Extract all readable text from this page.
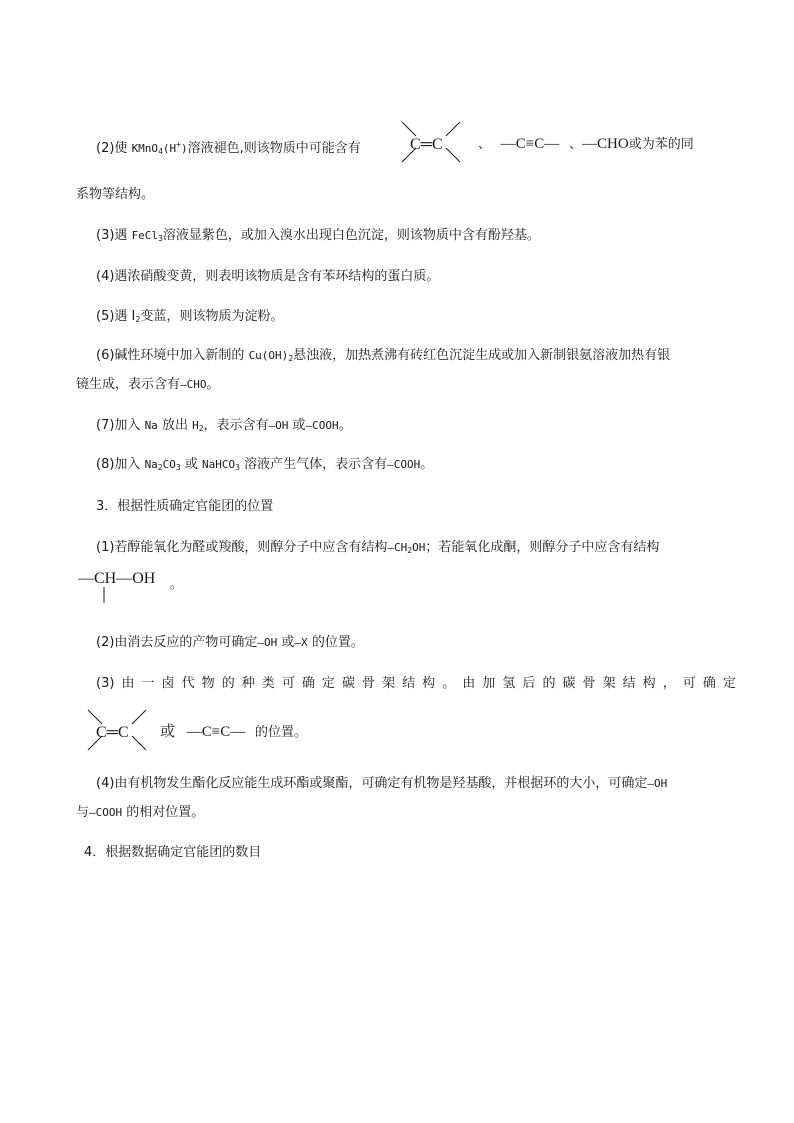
(2)使 KMnO$_4$(H+)溶液褪色,则该物质中可能含有	C═C	、 —C≡C— 、—CHO或为苯的同
系物等结构。
(3)遇 FeCl$_3$溶液显紫色，或加入溴水出现白色沉淀，则该物质中含有酚羟基。
(4)遇浓硝酸变黄，则表明该物质是含有苯环结构的蛋白质。
(5)遇 $I_2$变蓝，则该物质为淀粉。
(6)碱性环境中加入新制的 $Cu(OH)_2$悬浊液，加热煮沸有砖红色沉淀生成或加入新制银氨溶液加热有银
镜生成，表示含有—CHO。
(7)加入 Na 放出 $H_2$，表示含有—OH 或—COOH。
(8)加入 $Na_2CO_3$ 或 NaHCO$_3$ 溶液产生气体，表示含有—COOH。
3．根据性质确定官能团的位置
(1)若醇能氧化为醛或羧酸，则醇分子中应含有结构$—CH_2OH$；若能氧化成酮，则醇分子中应含有结构
—CH—OH 。
(2)由消去反应的产物可确定—OH 或—X 的位置。
(3) 由 一 卤 代 物 的 种 类 可 确 定 碳 骨 架 结 构 。 由 加 氢 后 的 碳 骨 架 结 构 ， 可 确 定
C═C 或 —C≡C— 的位置。
(4)由有机物发生酯化反应能生成环酯或聚酯，可确定有机物是羟基酸，并根据环的大小，可确定—OH
与—COOH 的相对位置。
4．根据数据确定官能团的数目
